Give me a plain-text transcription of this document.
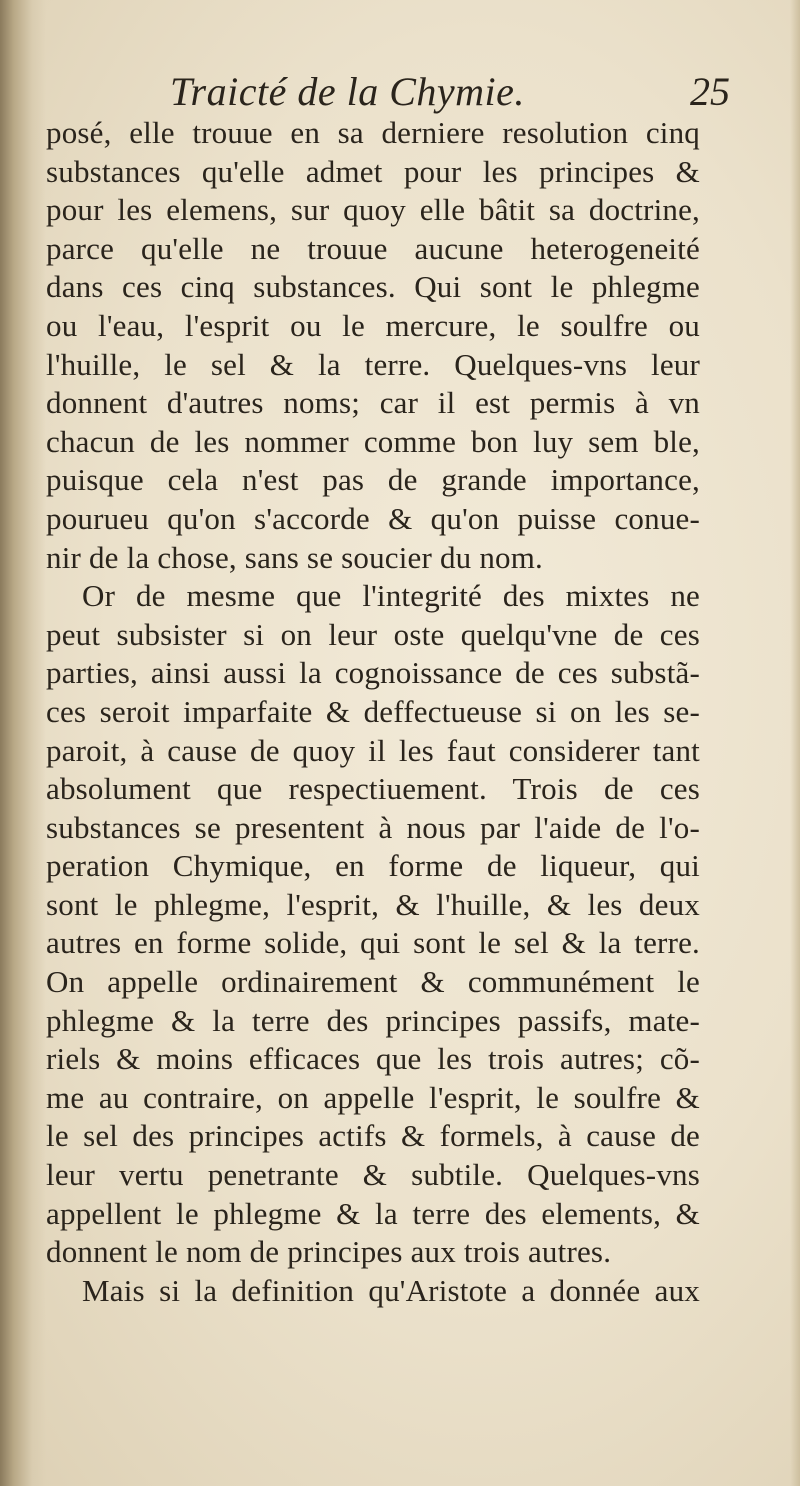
Traicté de la Chymie.	25
posé, elle trouue en sa derniere resolution cinq
substances qu'elle admet pour les principes &
pour les elemens, sur quoy elle bâtit sa doctrine,
parce qu'elle ne trouue aucune heterogeneité
dans ces cinq substances. Qui sont le phlegme
ou l'eau, l'esprit ou le mercure, le soulfre ou
l'huille, le sel & la terre. Quelques-vns leur
donnent d'autres noms; car il est permis à vn
chacun de les nommer comme bon luy sem ble,
puisque cela n'est pas de grande importance,
pourueu qu'on s'accorde & qu'on puisse conue-
nir de la chose, sans se soucier du nom.
Or de mesme que l'integrité des mixtes ne
peut subsister si on leur oste quelqu'vne de ces
parties, ainsi aussi la cognoissance de ces substã-
ces seroit imparfaite & deffectueuse si on les se-
paroit, à cause de quoy il les faut considerer tant
absolument que respectiuement. Trois de ces
substances se presentent à nous par l'aide de l'o-
peration Chymique, en forme de liqueur, qui
sont le phlegme, l'esprit, & l'huille, & les deux
autres en forme solide, qui sont le sel & la terre.
On appelle ordinairement & communément le
phlegme & la terre des principes passifs, mate-
riels & moins efficaces que les trois autres; cõ-
me au contraire, on appelle l'esprit, le soulfre &
le sel des principes actifs & formels, à cause de
leur vertu penetrante & subtile. Quelques-vns
appellent le phlegme & la terre des elements, &
donnent le nom de principes aux trois autres.
Mais si la definition qu'Aristote a donnée aux
